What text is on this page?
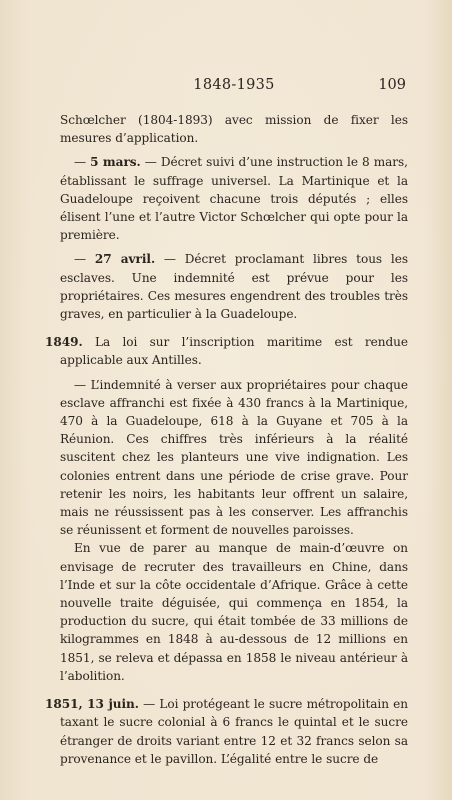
1848-1935	109

Schœlcher (1804-1893) avec mission de fixer les mesures d’application.

— 5 mars. — Décret suivi d’une instruction le 8 mars, établissant le suffrage universel. La Martinique et la Guadeloupe reçoivent chacune trois députés ; elles élisent l’une et l’autre Victor Schœlcher qui opte pour la première.

— 27 avril. — Décret proclamant libres tous les esclaves. Une indemnité est prévue pour les propriétaires. Ces mesures engendrent des troubles très graves, en particulier à la Guadeloupe.

1849. La loi sur l’inscription maritime est rendue applicable aux Antilles.

— L’indemnité à verser aux propriétaires pour chaque esclave affranchi est fixée à 430 francs à la Martinique, 470 à la Guadeloupe, 618 à la Guyane et 705 à la Réunion. Ces chiffres très inférieurs à la réalité suscitent chez les planteurs une vive indignation. Les colonies entrent dans une période de crise grave. Pour retenir les noirs, les habitants leur offrent un salaire, mais ne réussissent pas à les conserver. Les affranchis se réunissent et forment de nouvelles paroisses.

En vue de parer au manque de main-d’œuvre on envisage de recruter des travailleurs en Chine, dans l’Inde et sur la côte occidentale d’Afrique. Grâce à cette nouvelle traite déguisée, qui commença en 1854, la production du sucre, qui était tombée de 33 millions de kilogrammes en 1848 à au-dessous de 12 millions en 1851, se releva et dépassa en 1858 le niveau antérieur à l’abolition.

1851, 13 juin. — Loi protégeant le sucre métropolitain en taxant le sucre colonial à 6 francs le quintal et le sucre étranger de droits variant entre 12 et 32 francs selon sa provenance et le pavillon. L’égalité entre le sucre de
